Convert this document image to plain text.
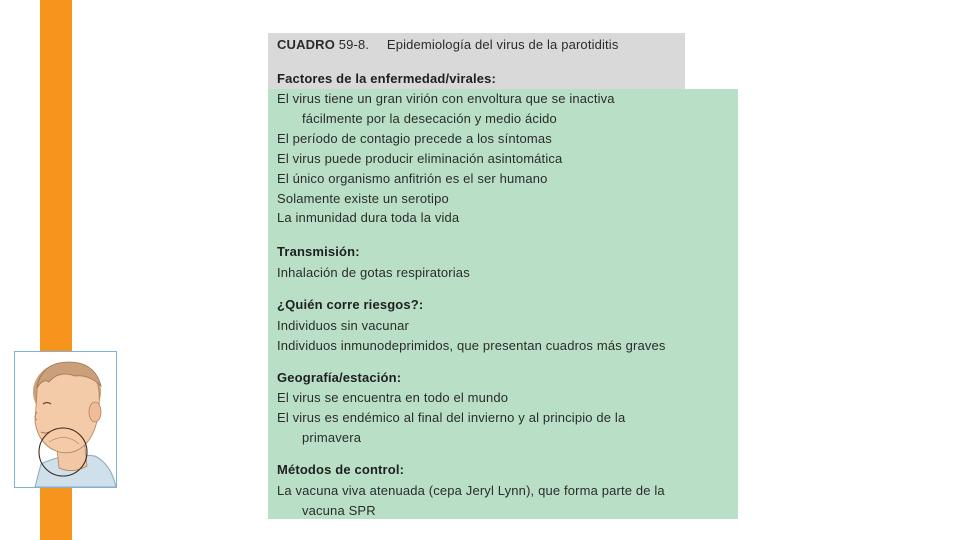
CUADRO 59-8. Epidemiología del virus de la parotiditis

Factores de la enfermedad/virales:

El virus tiene un gran virión con envoltura que se inactiva

fácilmente por la desecación y medio ácido

El período de contagio precede a los síntomas

El virus puede producir eliminación asintomática

El único organismo anfitrión es el ser humano

Solamente existe un serotipo

La inmunidad dura toda la vida

Transmisión:

Inhalación de gotas respiratorias

¿Quién corre riesgos?:

Individuos sin vacunar

Individuos inmunodeprimidos, que presentan cuadros más graves

Geografía/estación:

El virus se encuentra en todo el mundo

El virus es endémico al final del invierno y al principio de la

primavera

Métodos de control:

La vacuna viva atenuada (cepa Jeryl Lynn), que forma parte de la

vacuna SPR
